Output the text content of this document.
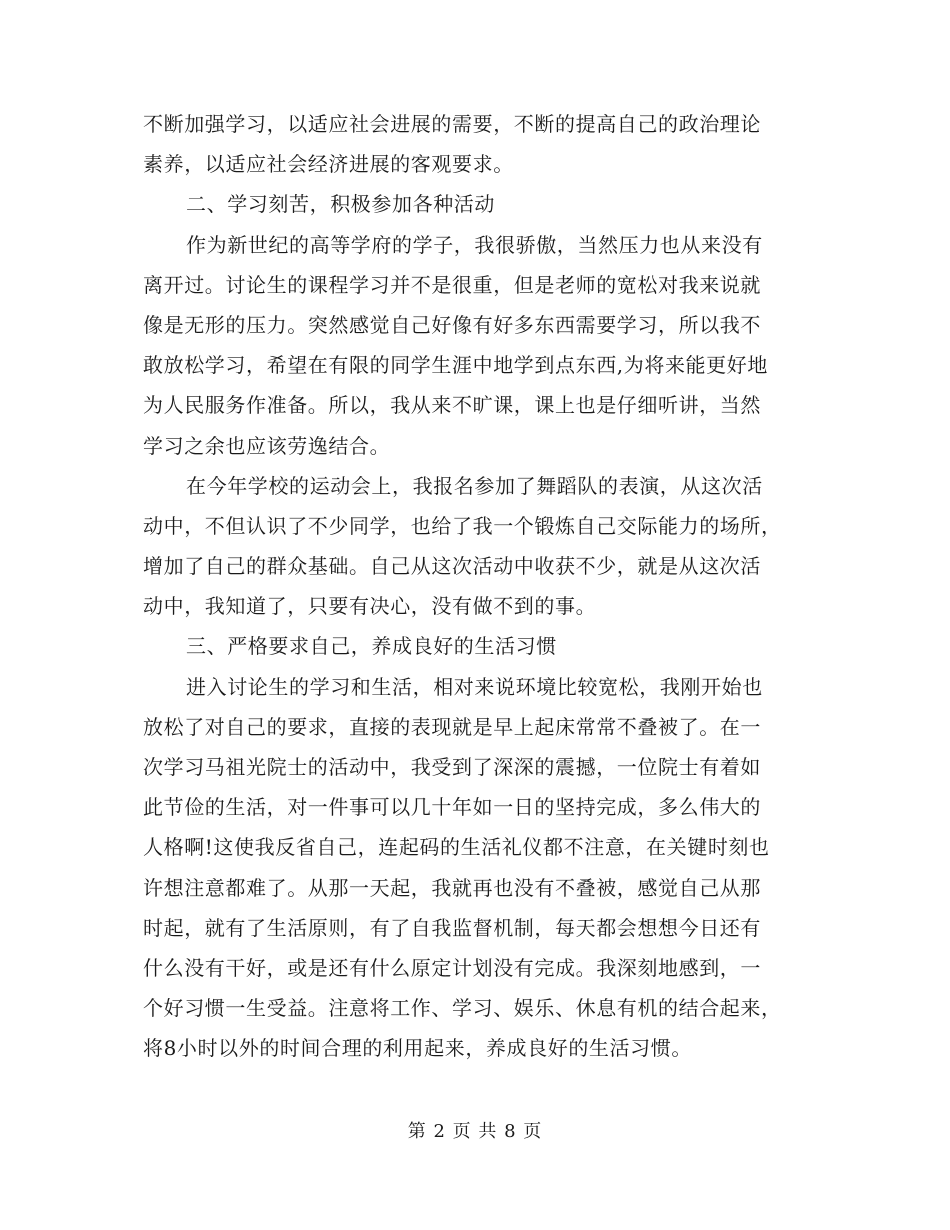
不断加强学习，以适应社会进展的需要，不断的提高自己的政治理论
素养，以适应社会经济进展的客观要求。
二、学习刻苦，积极参加各种活动
作为新世纪的高等学府的学子，我很骄傲，当然压力也从来没有
离开过。讨论生的课程学习并不是很重，但是老师的宽松对我来说就
像是无形的压力。突然感觉自己好像有好多东西需要学习，所以我不
敢放松学习，希望在有限的同学生涯中地学到点东西,为将来能更好地
为人民服务作准备。所以，我从来不旷课，课上也是仔细听讲，当然
学习之余也应该劳逸结合。
在今年学校的运动会上，我报名参加了舞蹈队的表演，从这次活
动中，不但认识了不少同学，也给了我一个锻炼自己交际能力的场所，
增加了自己的群众基础。自己从这次活动中收获不少，就是从这次活
动中，我知道了，只要有决心，没有做不到的事。
三、严格要求自己，养成良好的生活习惯
进入讨论生的学习和生活，相对来说环境比较宽松，我刚开始也
放松了对自己的要求，直接的表现就是早上起床常常不叠被了。在一
次学习马祖光院士的活动中，我受到了深深的震撼，一位院士有着如
此节俭的生活，对一件事可以几十年如一日的坚持完成，多么伟大的
人格啊!这使我反省自己，连起码的生活礼仪都不注意，在关键时刻也
许想注意都难了。从那一天起，我就再也没有不叠被，感觉自己从那
时起，就有了生活原则，有了自我监督机制，每天都会想想今日还有
什么没有干好，或是还有什么原定计划没有完成。我深刻地感到，一
个好习惯一生受益。注意将工作、学习、娱乐、休息有机的结合起来，
将8小时以外的时间合理的利用起来，养成良好的生活习惯。
第 2 页 共 8 页
